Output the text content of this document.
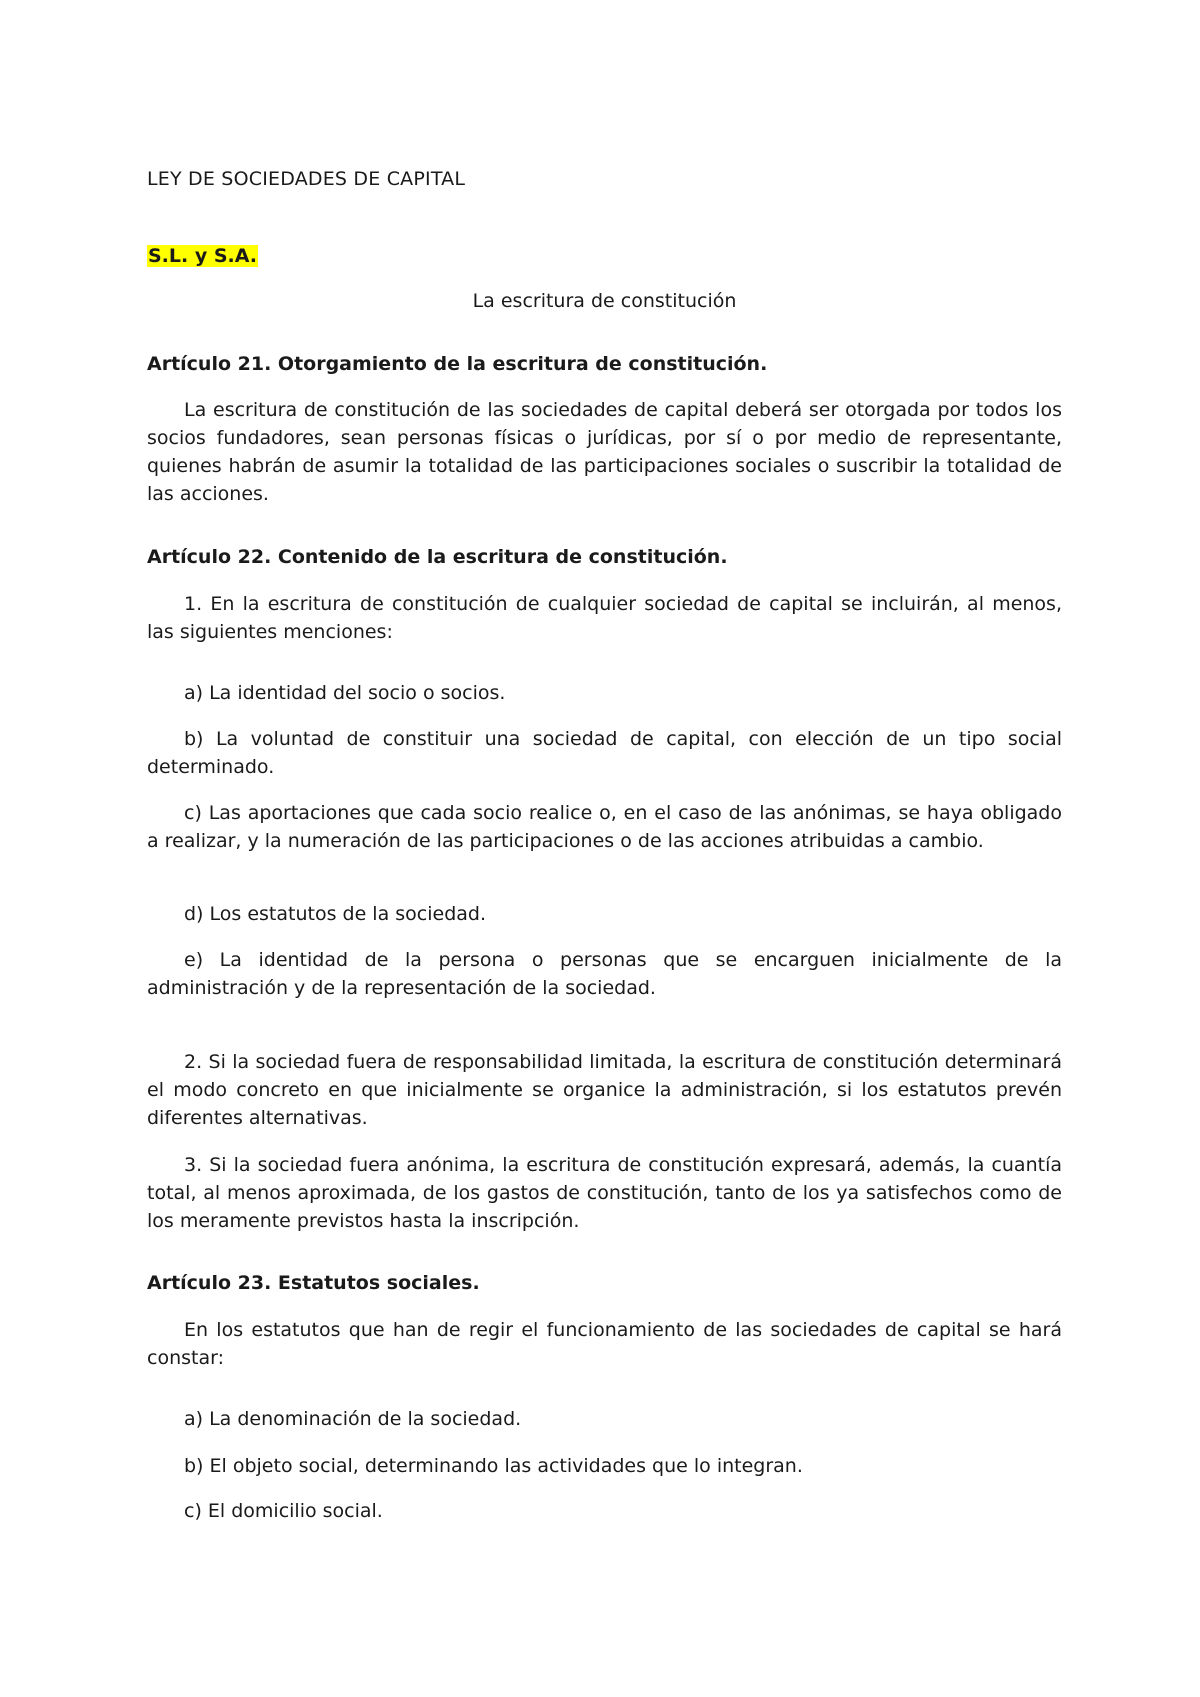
LEY DE SOCIEDADES DE CAPITAL
S.L. y S.A.
La escritura de constitución
Artículo 21. Otorgamiento de la escritura de constitución.
La escritura de constitución de las sociedades de capital deberá ser otorgada por todos los socios fundadores, sean personas físicas o jurídicas, por sí o por medio de representante, quienes habrán de asumir la totalidad de las participaciones sociales o suscribir la totalidad de las acciones.
Artículo 22. Contenido de la escritura de constitución.
1. En la escritura de constitución de cualquier sociedad de capital se incluirán, al menos, las siguientes menciones:
a) La identidad del socio o socios.
b) La voluntad de constituir una sociedad de capital, con elección de un tipo social determinado.
c) Las aportaciones que cada socio realice o, en el caso de las anónimas, se haya obligado a realizar, y la numeración de las participaciones o de las acciones atribuidas a cambio.
d) Los estatutos de la sociedad.
e) La identidad de la persona o personas que se encarguen inicialmente de la administración y de la representación de la sociedad.
2. Si la sociedad fuera de responsabilidad limitada, la escritura de constitución determinará el modo concreto en que inicialmente se organice la administración, si los estatutos prevén diferentes alternativas.
3. Si la sociedad fuera anónima, la escritura de constitución expresará, además, la cuantía total, al menos aproximada, de los gastos de constitución, tanto de los ya satisfechos como de los meramente previstos hasta la inscripción.
Artículo 23. Estatutos sociales.
En los estatutos que han de regir el funcionamiento de las sociedades de capital se hará constar:
a) La denominación de la sociedad.
b) El objeto social, determinando las actividades que lo integran.
c) El domicilio social.
